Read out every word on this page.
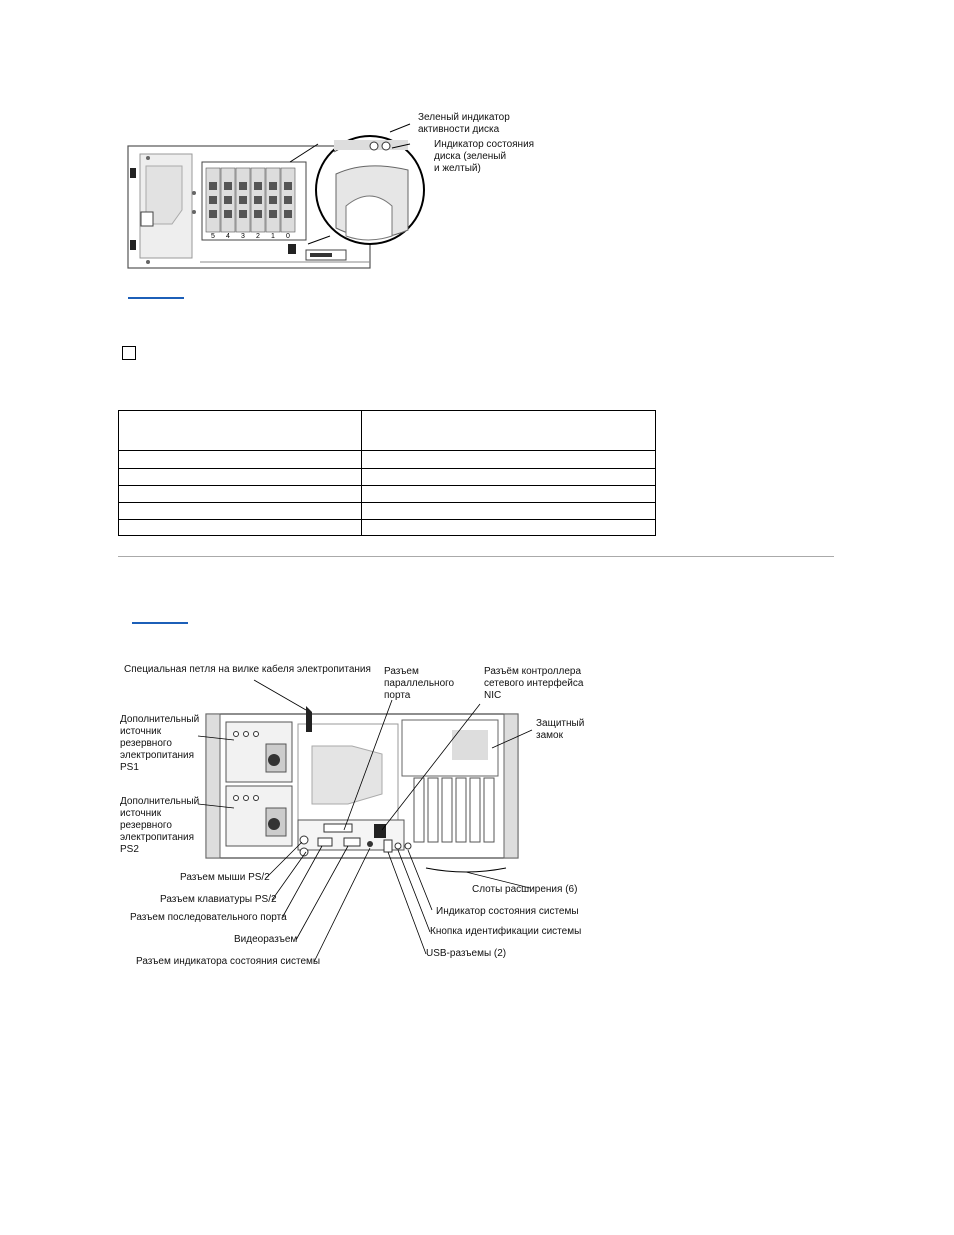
5 4 3 2 1 0
Зеленый индикатор
активности диска
Индикатор состояния
диска (зеленый
и желтый)

Специальная петля на вилке кабеля электропитания Разъем
параллельного
порта
Разъём контроллера
сетевого интерфейса
NIC
Дополнительный
источник
резервного
электропитания
PS1
Защитный
замок
Дополнительный
источник
резервного
электропитания
PS2
Разъем мыши PS/2
Разъем клавиатуры PS/2
Разъем последовательного порта
Видеоразъем
Разъем индикатора состояния системы
Слоты расширения (6)
Индикатор состояния системы
Кнопка идентификации системы
USB-разъемы (2)
